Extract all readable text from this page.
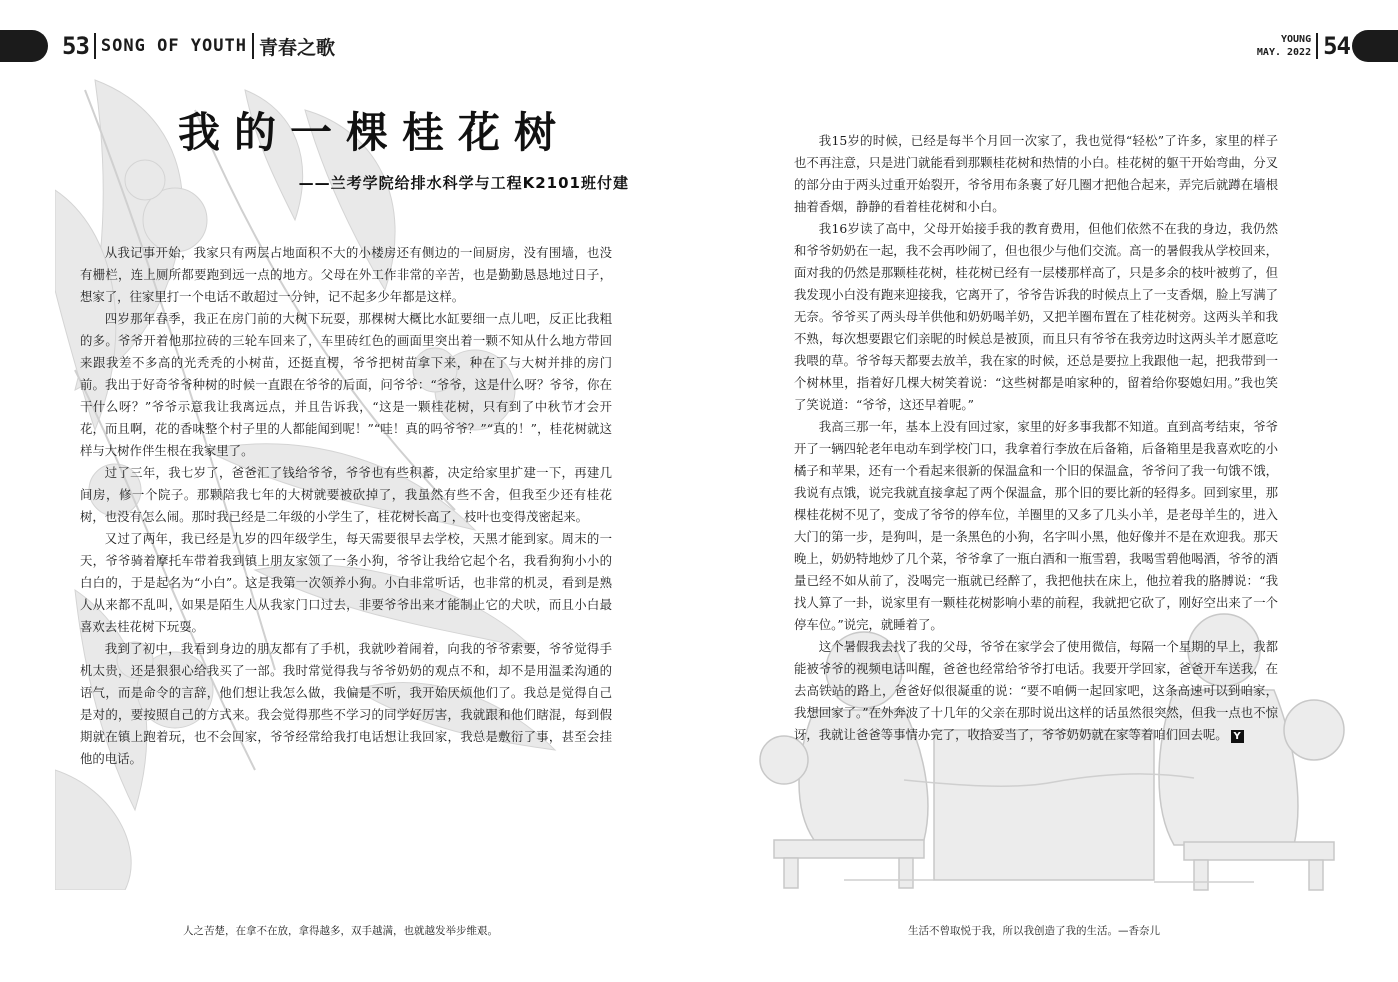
53 SONG OF YOUTH 青春之歌
我的一棵桂花树

——兰考学院给排水科学与工程K2101班付建

从我记事开始，我家只有两层占地面积不大的小楼房还有侧边的一间厨房，没有围墙，也没有栅栏，连上厕所都要跑到远一点的地方。父母在外工作非常的辛苦，也是勤勤恳恳地过日子，想家了，往家里打一个电话不敢超过一分钟，记不起多少年都是这样。

四岁那年春季，我正在房门前的大树下玩耍，那棵树大概比水缸要细一点儿吧，反正比我粗的多。爷爷开着他那拉砖的三轮车回来了，车里砖红色的画面里突出着一颗不知从什么地方带回来跟我差不多高的光秃秃的小树苗，还挺直楞，爷爷把树苗拿下来，种在了与大树并排的房门前。我出于好奇爷爷种树的时候一直跟在爷爷的后面，问爷爷：“爷爷，这是什么呀？爷爷，你在干什么呀？”爷爷示意我让我离远点，并且告诉我，“这是一颗桂花树，只有到了中秋节才会开花，而且啊，花的香味整个村子里的人都能闻到呢！”“哇！真的吗爷爷？”“真的！”，桂花树就这样与大树作伴生根在我家里了。

过了三年，我七岁了，爸爸汇了钱给爷爷，爷爷也有些积蓄，决定给家里扩建一下，再建几间房，修一个院子。那颗陪我七年的大树就要被砍掉了，我虽然有些不舍，但我至少还有桂花树，也没有怎么闹。那时我已经是二年级的小学生了，桂花树长高了，枝叶也变得茂密起来。

又过了两年，我已经是九岁的四年级学生，每天需要很早去学校，天黑才能到家。周末的一天，爷爷骑着摩托车带着我到镇上朋友家领了一条小狗，爷爷让我给它起个名，我看狗狗小小的白白的，于是起名为“小白”。这是我第一次领养小狗。小白非常听话，也非常的机灵，看到是熟人从来都不乱叫，如果是陌生人从我家门口过去，非要爷爷出来才能制止它的犬吠，而且小白最喜欢去桂花树下玩耍。

我到了初中，我看到身边的朋友都有了手机，我就吵着闹着，向我的爷爷索要，爷爷觉得手机太贵，还是狠狠心给我买了一部。我时常觉得我与爷爷奶奶的观点不和，却不是用温柔沟通的语气，而是命令的言辞，他们想让我怎么做，我偏是不听，我开始厌烦他们了。我总是觉得自己是对的，要按照自己的方式来。我会觉得那些不学习的同学好厉害，我就跟和他们瞎混，每到假期就在镇上跑着玩，也不会回家，爷爷经常给我打电话想让我回家，我总是敷衍了事，甚至会挂他的电话。

人之苦楚，在拿不在放，拿得越多，双手越满，也就越发举步维艰。

YOUNG
MAY. 2022 54

我15岁的时候，已经是每半个月回一次家了，我也觉得“轻松”了许多，家里的样子也不再注意，只是进门就能看到那颗桂花树和热情的小白。桂花树的躯干开始弯曲，分叉的部分由于两头过重开始裂开，爷爷用布条裹了好几圈才把他合起来，弄完后就蹲在墙根抽着香烟，静静的看着桂花树和小白。

我16岁读了高中，父母开始接手我的教育费用，但他们依然不在我的身边，我仍然和爷爷奶奶在一起，我不会再吵闹了，但也很少与他们交流。高一的暑假我从学校回来，面对我的仍然是那颗桂花树，桂花树已经有一层楼那样高了，只是多余的枝叶被剪了，但我发现小白没有跑来迎接我，它离开了，爷爷告诉我的时候点上了一支香烟，脸上写满了无奈。爷爷买了两头母羊供他和奶奶喝羊奶，又把羊圈布置在了桂花树旁。这两头羊和我不熟，每次想要跟它们亲昵的时候总是被顶，而且只有爷爷在我旁边时这两头羊才愿意吃我喂的草。爷爷每天都要去放羊，我在家的时候，还总是要拉上我跟他一起，把我带到一个树林里，指着好几棵大树笑着说：“这些树都是咱家种的，留着给你娶媳妇用。”我也笑了笑说道：“爷爷，这还早着呢。”

我高三那一年，基本上没有回过家，家里的好多事我都不知道。直到高考结束，爷爷开了一辆四轮老年电动车到学校门口，我拿着行李放在后备箱，后备箱里是我喜欢吃的小橘子和苹果，还有一个看起来很新的保温盒和一个旧的保温盒，爷爷问了我一句饿不饿，我说有点饿，说完我就直接拿起了两个保温盒，那个旧的要比新的轻得多。回到家里，那棵桂花树不见了，变成了爷爷的停车位，羊圈里的又多了几头小羊，是老母羊生的，进入大门的第一步，是狗叫，是一条黑色的小狗，名字叫小黑，他好像并不是在欢迎我。那天晚上，奶奶特地炒了几个菜，爷爷拿了一瓶白酒和一瓶雪碧，我喝雪碧他喝酒，爷爷的酒量已经不如从前了，没喝完一瓶就已经醉了，我把他扶在床上，他拉着我的胳膊说：“我找人算了一卦，说家里有一颗桂花树影响小辈的前程，我就把它砍了，刚好空出来了一个停车位。”说完，就睡着了。

这个暑假我去找了我的父母，爷爷在家学会了使用微信，每隔一个星期的早上，我都能被爷爷的视频电话叫醒，爸爸也经常给爷爷打电话。我要开学回家，爸爸开车送我，在去高铁站的路上，爸爸好似很凝重的说：“要不咱俩一起回家吧，这条高速可以到咱家，我想回家了。”在外奔波了十几年的父亲在那时说出这样的话虽然很突然，但我一点也不惊讶，我就让爸爸等事情办完了，收拾妥当了，爷爷奶奶就在家等着咱们回去呢。 Y

生活不曾取悦于我，所以我创造了我的生活。—香奈儿
